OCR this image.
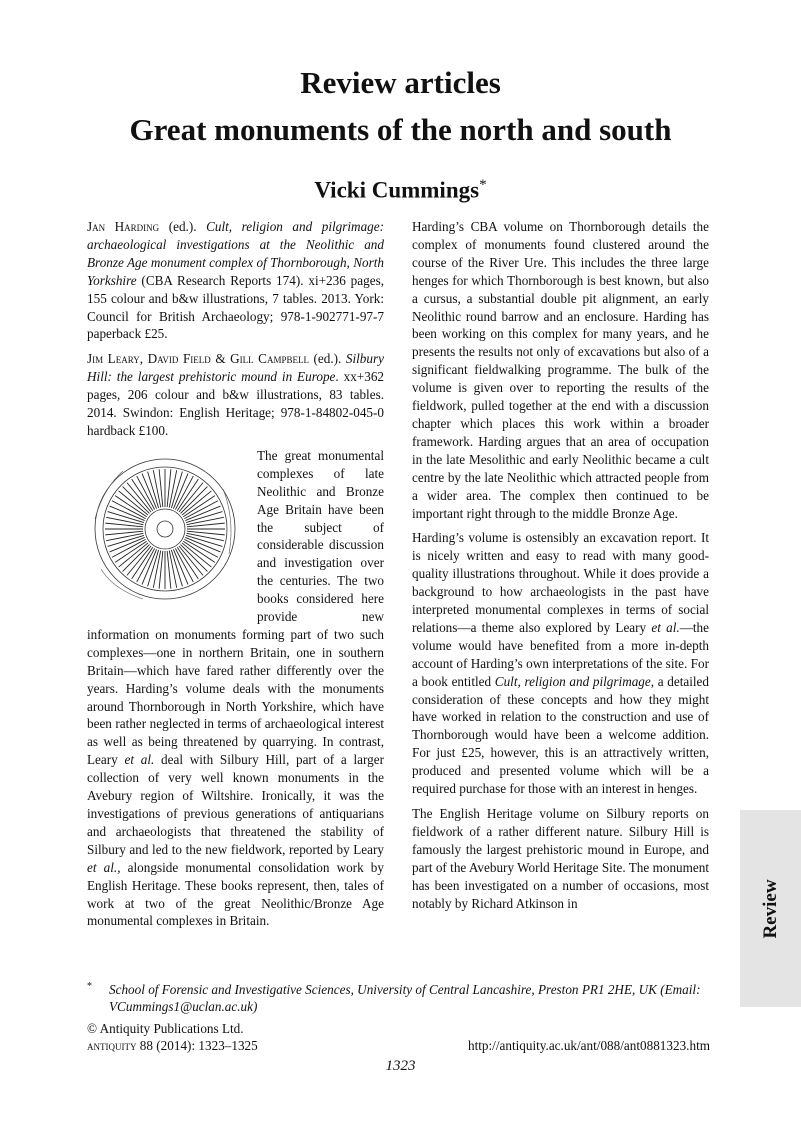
Review articles
Great monuments of the north and south
Vicki Cummings*

Jan Harding (ed.). Cult, religion and pilgrimage: archaeological investigations at the Neolithic and Bronze Age monument complex of Thornborough, North Yorkshire (CBA Research Reports 174). xi+236 pages, 155 colour and b&w illustrations, 7 tables. 2013. York: Council for British Archaeology; 978-1-902771-97-7 paperback £25.

Jim Leary, David Field & Gill Campbell (ed.). Silbury Hill: the largest prehistoric mound in Europe. xx+362 pages, 206 colour and b&w illustrations, 83 tables. 2014. Swindon: English Heritage; 978-1-84802-045-0 hardback £100.

The great monumental complexes of late Neolithic and Bronze Age Britain have been the subject of considerable discussion and investigation over the centuries. The two books considered here provide new information on monuments forming part of two such complexes—one in northern Britain, one in southern Britain—which have fared rather differently over the years. Harding’s volume deals with the monuments around Thornborough in North Yorkshire, which have been rather neglected in terms of archaeological interest as well as being threatened by quarrying. In contrast, Leary et al. deal with Silbury Hill, part of a larger collection of very well known monuments in the Avebury region of Wiltshire. Ironically, it was the investigations of previous generations of antiquarians and archaeologists that threatened the stability of Silbury and led to the new fieldwork, reported by Leary et al., alongside monumental consolidation work by English Heritage. These books represent, then, tales of work at two of the great Neolithic/Bronze Age monumental complexes in Britain.

Harding’s CBA volume on Thornborough details the complex of monuments found clustered around the course of the River Ure. This includes the three large henges for which Thornborough is best known, but also a cursus, a substantial double pit alignment, an early Neolithic round barrow and an enclosure. Harding has been working on this complex for many years, and he presents the results not only of excavations but also of a significant fieldwalking programme. The bulk of the volume is given over to reporting the results of the fieldwork, pulled together at the end with a discussion chapter which places this work within a broader framework. Harding argues that an area of occupation in the late Mesolithic and early Neolithic became a cult centre by the late Neolithic which attracted people from a wider area. The complex then continued to be important right through to the middle Bronze Age.

Harding’s volume is ostensibly an excavation report. It is nicely written and easy to read with many good-quality illustrations throughout. While it does provide a background to how archaeologists in the past have interpreted monumental complexes in terms of social relations—a theme also explored by Leary et al.—the volume would have benefited from a more in-depth account of Harding’s own interpretations of the site. For a book entitled Cult, religion and pilgrimage, a detailed consideration of these concepts and how they might have worked in relation to the construction and use of Thornborough would have been a welcome addition. For just £25, however, this is an attractively written, produced and presented volume which will be a required purchase for those with an interest in henges.

The English Heritage volume on Silbury reports on fieldwork of a rather different nature. Silbury Hill is famously the largest prehistoric mound in Europe, and part of the Avebury World Heritage Site. The monument has been investigated on a number of occasions, most notably by Richard Atkinson in	Review
* School of Forensic and Investigative Sciences, University of Central Lancashire, Preston PR1 2HE, UK (Email: VCummings1@uclan.ac.uk)
© Antiquity Publications Ltd.
antiquity 88 (2014): 1323–1325	http://antiquity.ac.uk/ant/088/ant0881323.htm
1323
